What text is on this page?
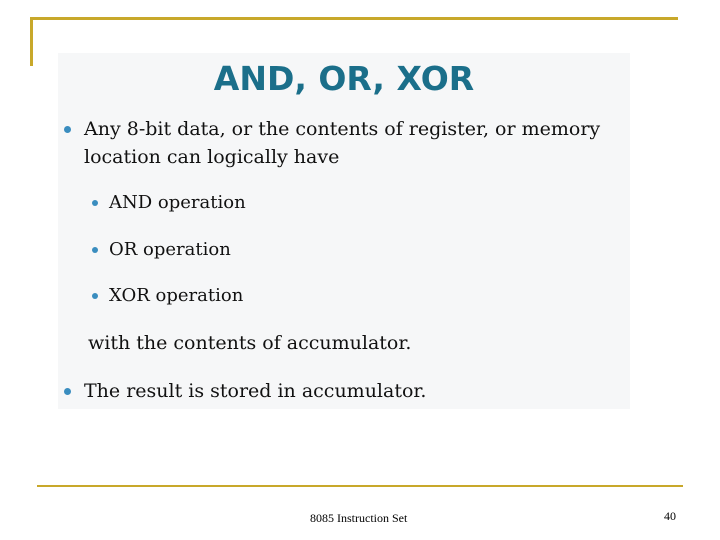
AND, OR, XOR
Any 8-bit data, or the contents of register, or memory location can logically have
AND operation
OR operation
XOR operation
with the contents of accumulator.
The result is stored in accumulator.
8085 Instruction Set	40
